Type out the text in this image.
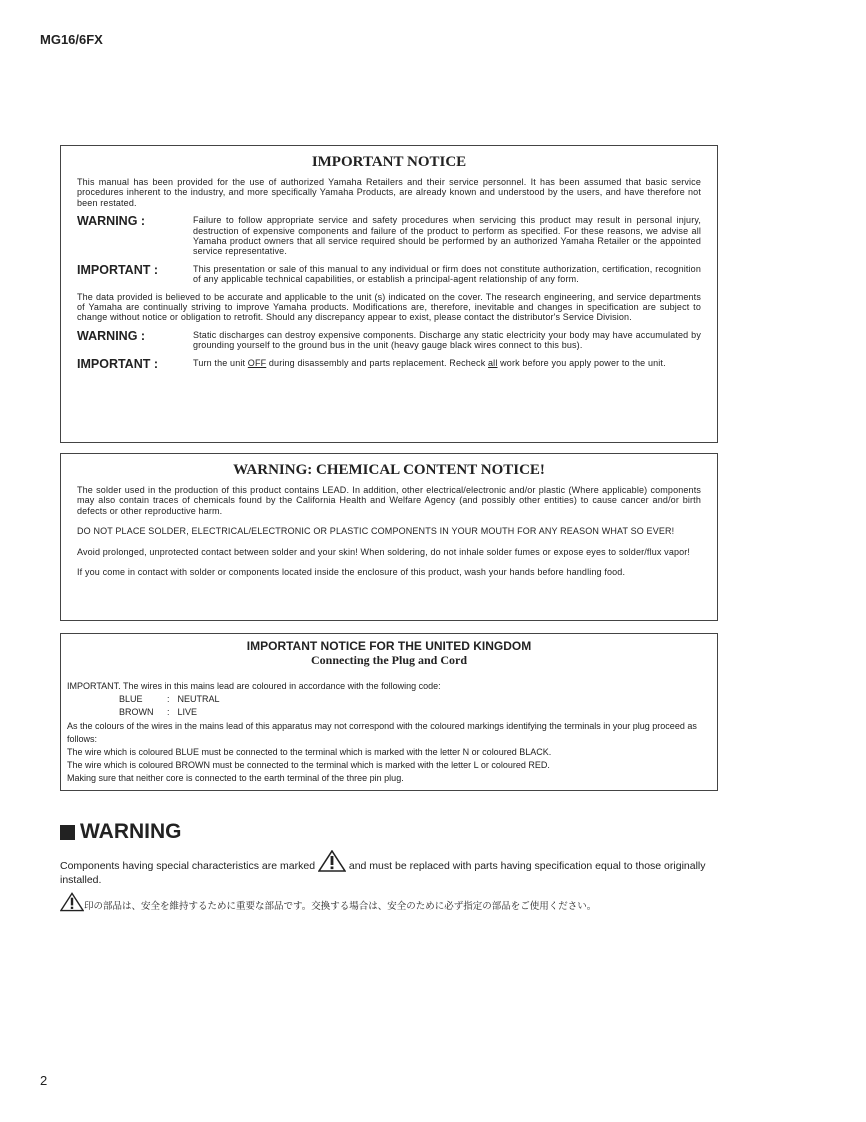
MG16/6FX
IMPORTANT NOTICE

This manual has been provided for the use of authorized Yamaha Retailers and their service personnel. It has been assumed that basic service procedures inherent to the industry, and more specifically Yamaha Products, are already known and understood by the users, and have therefore not been restated.

WARNING :	Failure to follow appropriate service and safety procedures when servicing this product may result in personal injury, destruction of expensive components and failure of the product to perform as specified. For these reasons, we advise all Yamaha product owners that all service required should be performed by an authorized Yamaha Retailer or the appointed service representative.

IMPORTANT :	This presentation or sale of this manual to any individual or firm does not constitute authorization, certification, recognition of any applicable technical capabilities, or establish a principal-agent relationship of any form.

The data provided is believed to be accurate and applicable to the unit (s) indicated on the cover. The research engineering, and service departments of Yamaha are continually striving to improve Yamaha products. Modifications are, therefore, inevitable and changes in specification are subject to change without notice or obligation to retrofit. Should any discrepancy appear to exist, please contact the distributor's Service Division.

WARNING :	Static discharges can destroy expensive components. Discharge any static electricity your body may have accumulated by grounding yourself to the ground bus in the unit (heavy gauge black wires connect to this bus).

IMPORTANT :	Turn the unit OFF during disassembly and parts replacement. Recheck all work before you apply power to the unit.

WARNING: CHEMICAL CONTENT NOTICE!

The solder used in the production of this product contains LEAD. In addition, other electrical/electronic and/or plastic (Where applicable) components may also contain traces of chemicals found by the California Health and Welfare Agency (and possibly other entities) to cause cancer and/or birth defects or other reproductive harm.

DO NOT PLACE SOLDER, ELECTRICAL/ELECTRONIC OR PLASTIC COMPONENTS IN YOUR MOUTH FOR ANY REASON WHAT SO EVER!

Avoid prolonged, unprotected contact between solder and your skin! When soldering, do not inhale solder fumes or expose eyes to solder/flux vapor!

If you come in contact with solder or components located inside the enclosure of this product, wash your hands before handling food.

IMPORTANT NOTICE FOR THE UNITED KINGDOM
Connecting the Plug and Cord

IMPORTANT. The wires in this mains lead are coloured in accordance with the following code:

BLUE	: NEUTRAL
BROWN	: LIVE

As the colours of the wires in the mains lead of this apparatus may not correspond with the coloured markings identifying the terminals in your plug proceed as follows:

The wire which is coloured BLUE must be connected to the terminal which is marked with the letter N or coloured BLACK.

The wire which is coloured BROWN must be connected to the terminal which is marked with the letter L or coloured RED.

Making sure that neither core is connected to the earth terminal of the three pin plug.

WARNING
Components having special characteristics are marked	and must be replaced with parts having specification equal to those originally installed.
印の部品は、安全を維持するために重要な部品です。交換する場合は、安全のために必ず指定の部品をご使用ください。
2
